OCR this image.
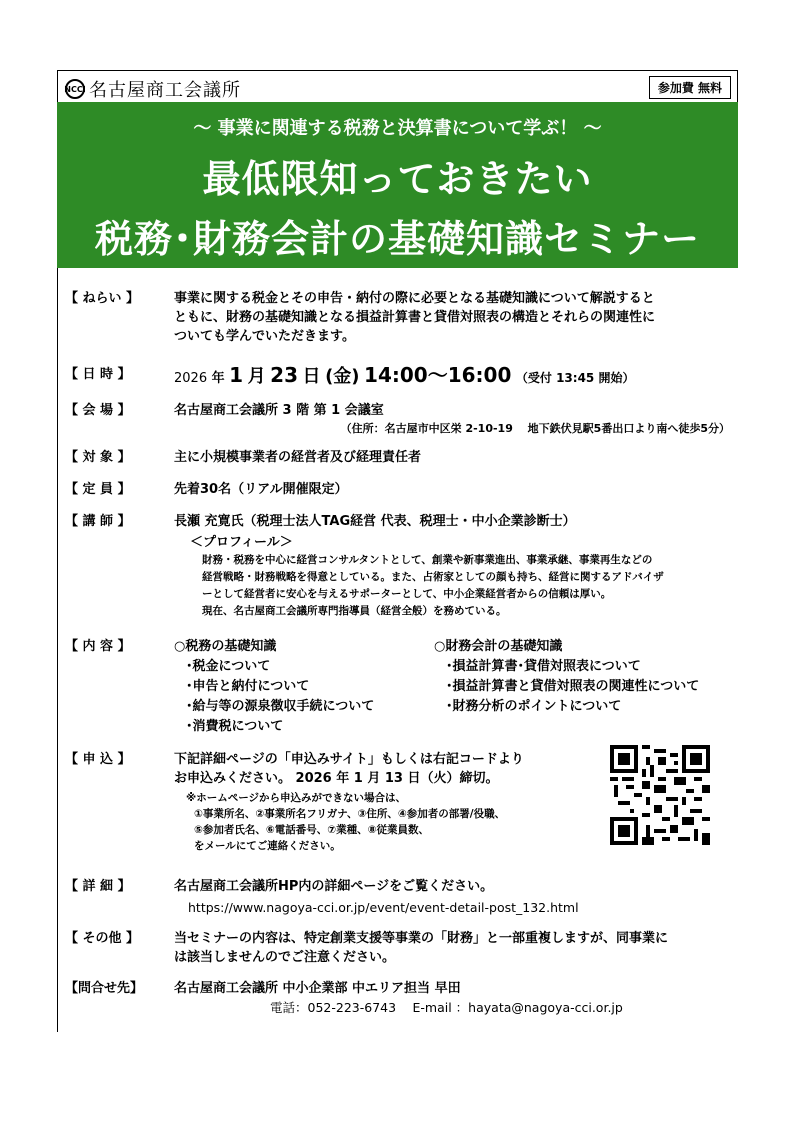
NCCI 名古屋商工会議所	参加費 無料
～ 事業に関連する税務と決算書について学ぶ！ ～
最低限知っておきたい
税務･財務会計の基礎知識セミナー
【 ねらい 】	事業に関する税金とその申告・納付の際に必要となる基礎知識について解説すると
ともに、財務の基礎知識となる損益計算書と貸借対照表の構造とそれらの関連性に
ついても学んでいただきます。
【 日 時 】	2026 年 1 月 23 日 (金) 14:00～16:00 （受付 13:45 開始）
【 会 場 】	名古屋商工会議所 3 階 第 1 会議室
（住所：名古屋市中区栄 2-10-19　 地下鉄伏見駅5番出口より南へ徒歩5分）
【 対 象 】	主に小規模事業者の経営者及び経理責任者
【 定 員 】	先着30名（リアル開催限定）
【 講 師 】	長瀬 充寛氏（税理士法人TAG経営 代表、税理士・中小企業診断士）
＜プロフィール＞
財務・税務を中心に経営コンサルタントとして、創業や新事業進出、事業承継、事業再生などの
経営戦略・財務戦略を得意としている。また、占術家としての顔も持ち、経営に関するアドバイザ
ーとして経営者に安心を与えるサポーターとして、中小企業経営者からの信頼は厚い。
現在、名古屋商工会議所専門指導員（経営全般）を務めている。
【 内 容 】	○税務の基礎知識
･税金について
･申告と納付について
･給与等の源泉徴収手続について
･消費税について
○財務会計の基礎知識
･損益計算書･貸借対照表について
･損益計算書と貸借対照表の関連性について
･財務分析のポイントについて
【 申 込 】	下記詳細ページの「申込みサイト」もしくは右記コードより
お申込みください。 2026 年 1 月 13 日（火）締切。
※ホームページから申込みができない場合は、
①事業所名、②事業所名フリガナ、③住所、④参加者の部署/役職、
⑤参加者氏名、⑥電話番号、⑦業種、⑧従業員数、
をメールにてご連絡ください。
【 詳 細 】	名古屋商工会議所HP内の詳細ページをご覧ください。
https://www.nagoya-cci.or.jp/event/event-detail-post_132.html
【 その他 】	当セミナーの内容は、特定創業支援等事業の「財務」と一部重複しますが、同事業に
は該当しませんのでご注意ください。
【問合せ先】	名古屋商工会議所 中小企業部 中エリア担当 早田
電話：052-223-6743　 E-mail ：hayata@nagoya-cci.or.jp
